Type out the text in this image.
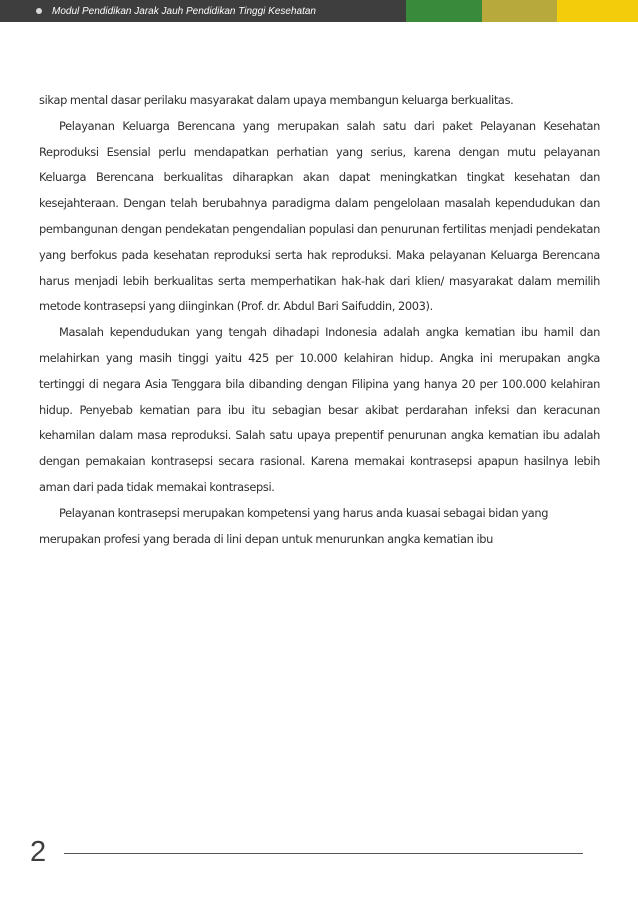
Modul Pendidikan Jarak Jauh Pendidikan Tinggi Kesehatan

sikap mental dasar perilaku masyarakat dalam upaya membangun keluarga berkualitas.

Pelayanan Keluarga Berencana yang merupakan salah satu dari paket Pelayanan Kesehatan Reproduksi Esensial perlu mendapatkan perhatian yang serius, karena dengan mutu pelayanan Keluarga Berencana berkualitas diharapkan akan dapat meningkatkan tingkat kesehatan dan kesejahteraan. Dengan telah berubahnya paradigma dalam pengelolaan masalah kependudukan dan pembangunan dengan pendekatan pengendalian populasi dan penurunan fertilitas menjadi pendekatan yang berfokus pada kesehatan reproduksi serta hak reproduksi. Maka pelayanan Keluarga Berencana harus menjadi lebih berkualitas serta memperhatikan hak-hak dari klien/ masyarakat dalam memilih metode kontrasepsi yang diinginkan (Prof. dr. Abdul Bari Saifuddin, 2003).

Masalah kependudukan yang tengah dihadapi Indonesia adalah angka kematian ibu hamil dan melahirkan yang masih tinggi yaitu 425 per 10.000 kelahiran hidup. Angka ini merupakan angka tertinggi di negara Asia Tenggara bila dibanding dengan Filipina yang hanya 20 per 100.000 kelahiran hidup. Penyebab kematian para ibu itu sebagian besar akibat perdarahan infeksi dan keracunan kehamilan dalam masa reproduksi. Salah satu upaya prepentif penurunan angka kematian ibu adalah dengan pemakaian kontrasepsi secara rasional. Karena memakai kontrasepsi apapun hasilnya lebih aman dari pada tidak memakai kontrasepsi.

Pelayanan kontrasepsi merupakan kompetensi yang harus anda kuasai sebagai bidan yang merupakan profesi yang berada di lini depan untuk menurunkan angka kematian ibu

2
